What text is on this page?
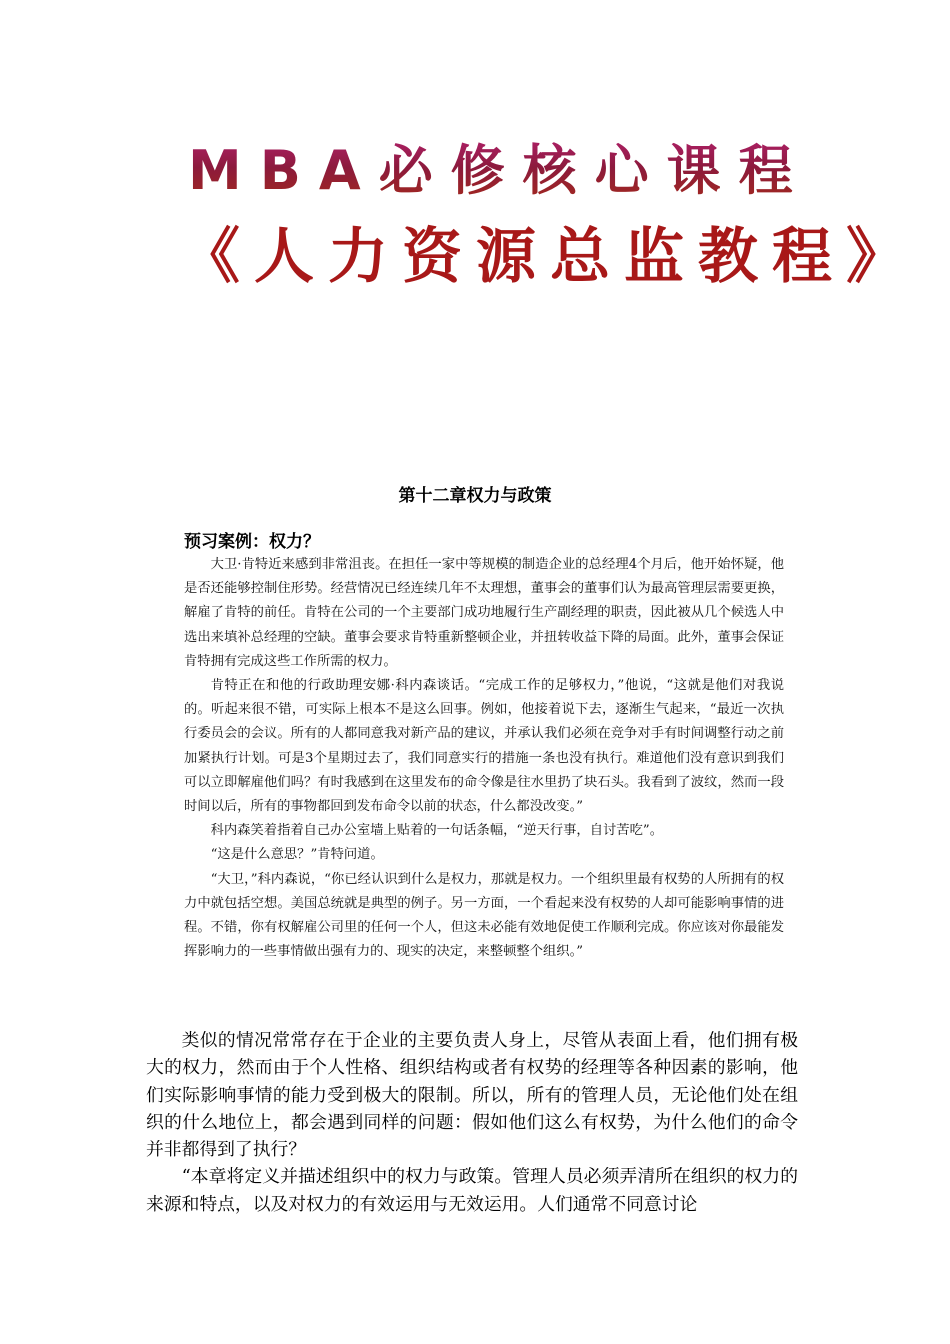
MBA必修核心课程
《人力资源总监教程》
第十二章权力与政策
预习案例：权力？

大卫·肯特近来感到非常沮丧。在担任一家中等规模的制造企业的总经理4个月后，他开始怀疑，他是否还能够控制住形势。经营情况已经连续几年不太理想，董事会的董事们认为最高管理层需要更换，解雇了肯特的前任。肯特在公司的一个主要部门成功地履行生产副经理的职责，因此被从几个候选人中选出来填补总经理的空缺。董事会要求肯特重新整顿企业，并扭转收益下降的局面。此外，董事会保证肯特拥有完成这些工作所需的权力。

肯特正在和他的行政助理安娜·科内森谈话。“完成工作的足够权力，”他说，“这就是他们对我说的。听起来很不错，可实际上根本不是这么回事。例如，他接着说下去，逐渐生气起来，“最近一次执行委员会的会议。所有的人都同意我对新产品的建议，并承认我们必须在竞争对手有时间调整行动之前加紧执行计划。可是3个星期过去了，我们同意实行的措施一条也没有执行。难道他们没有意识到我们可以立即解雇他们吗？有时我感到在这里发布的命令像是往水里扔了块石头。我看到了波纹，然而一段时间以后，所有的事物都回到发布命令以前的状态，什么都没改变。”

科内森笑着指着自己办公室墙上贴着的一句话条幅，“逆天行事，自讨苦吃”。

“这是什么意思？”肯特问道。

“大卫，”科内森说，“你已经认识到什么是权力，那就是权力。一个组织里最有权势的人所拥有的权力中就包括空想。美国总统就是典型的例子。另一方面，一个看起来没有权势的人却可能影响事情的进程。不错，你有权解雇公司里的任何一个人，但这未必能有效地促使工作顺利完成。你应该对你最能发挥影响力的一些事情做出强有力的、现实的决定，来整顿整个组织。”

类似的情况常常存在于企业的主要负责人身上，尽管从表面上看，他们拥有极大的权力，然而由于个人性格、组织结构或者有权势的经理等各种因素的影响，他们实际影响事情的能力受到极大的限制。所以，所有的管理人员，无论他们处在组织的什么地位上，都会遇到同样的问题：假如他们这么有权势，为什么他们的命令并非都得到了执行？

“本章将定义并描述组织中的权力与政策。管理人员必须弄清所在组织的权力的来源和特点，以及对权力的有效运用与无效运用。人们通常不同意讨论
